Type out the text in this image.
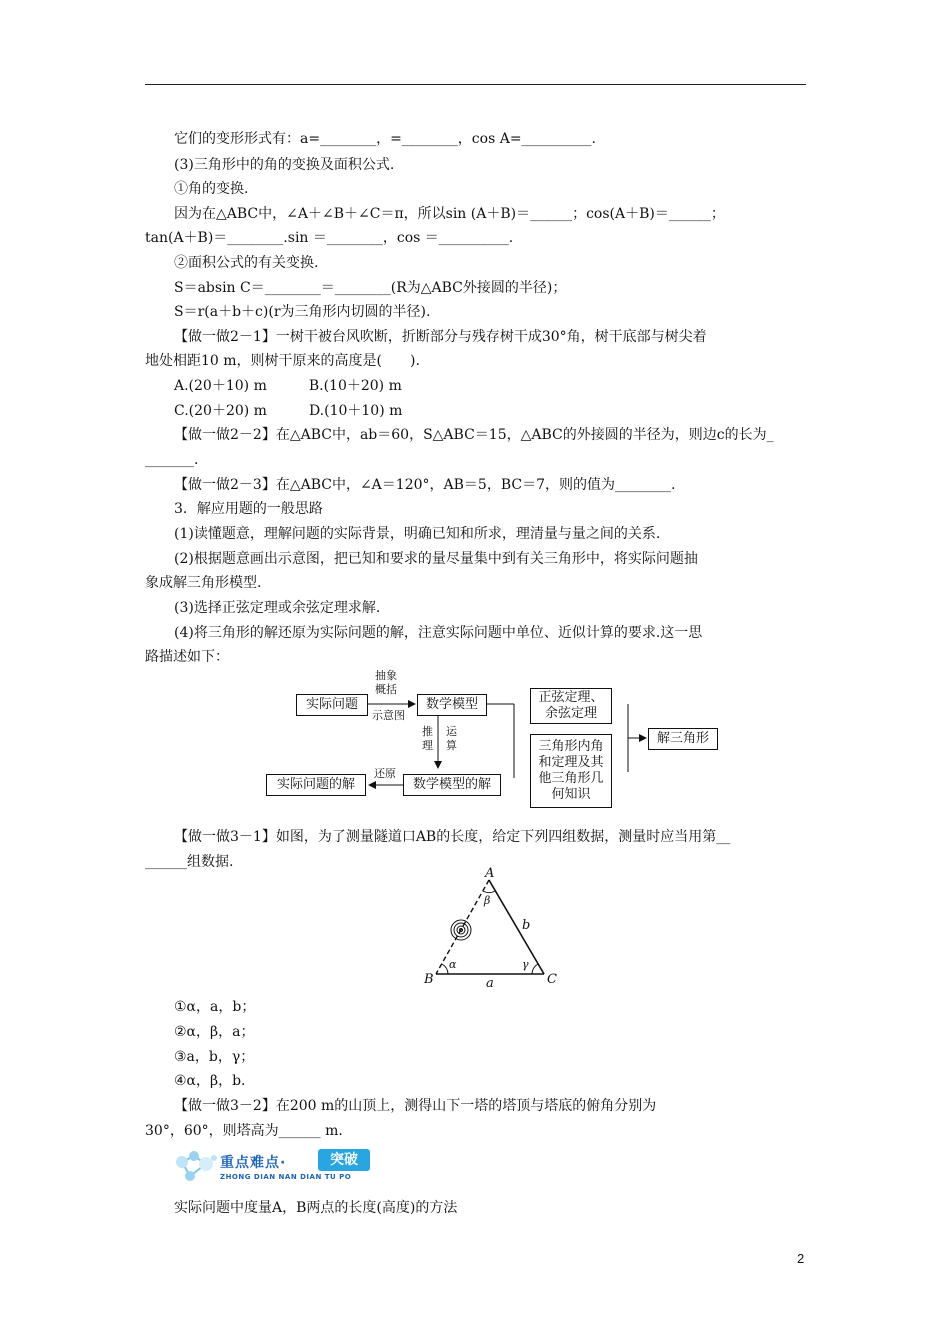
它们的变形形式有：a=________，=________，cos A=__________.
(3)三角形中的角的变换及面积公式.
①角的变换.
因为在△ABC中，∠A＋∠B＋∠C＝π，所以sin (A＋B)＝______；cos(A＋B)＝______；
tan(A＋B)＝________.sin ＝________，cos ＝__________.
②面积公式的有关变换.
S＝absin C＝________＝________(R为△ABC外接圆的半径)；
S＝r(a＋b＋c)(r为三角形内切圆的半径).
【做一做2－1】一树干被台风吹断，折断部分与残存树干成30°角，树干底部与树尖着
地处相距10 m，则树干原来的高度是(　　).
A.(20＋10) m　　　B.(10＋20) m
C.(20＋20) m　　　D.(10＋10) m
【做一做2－2】在△ABC中，ab＝60，S△ABC＝15，△ABC的外接圆的半径为，则边c的长为_
_______.
【做一做2－3】在△ABC中，∠A＝120°，AB＝5，BC＝7，则的值为________.
3．解应用题的一般思路
(1)读懂题意，理解问题的实际背景，明确已知和所求，理清量与量之间的关系.
(2)根据题意画出示意图，把已知和要求的量尽量集中到有关三角形中，将实际问题抽
象成解三角形模型.
(3)选择正弦定理或余弦定理求解.
(4)将三角形的解还原为实际问题的解，注意实际问题中单位、近似计算的要求.这一思
路描述如下：
实际问题	数学模型	正弦定理、
余弦定理
三角形内角
和定理及其
他三角形几
何知识
解三角形
数学模型的解
实际问题的解
抽象
概括
示意图
推
理
运
算
还原
【做一做3－1】如图，为了测量隧道口AB的长度，给定下列四组数据，测量时应当用第__
______组数据.
A
B	C
a
b
α
β
γ
①α，a，b；
②α，β，a；
③a，b，γ；
④α，β，b.
【做一做3－2】在200 m的山顶上，测得山下一塔的塔顶与塔底的俯角分别为
30°，60°，则塔高为______ m.
重点难点·	突破
ZHONG DIAN NAN DIAN TU PO
实际问题中度量A，B两点的长度(高度)的方法
2
